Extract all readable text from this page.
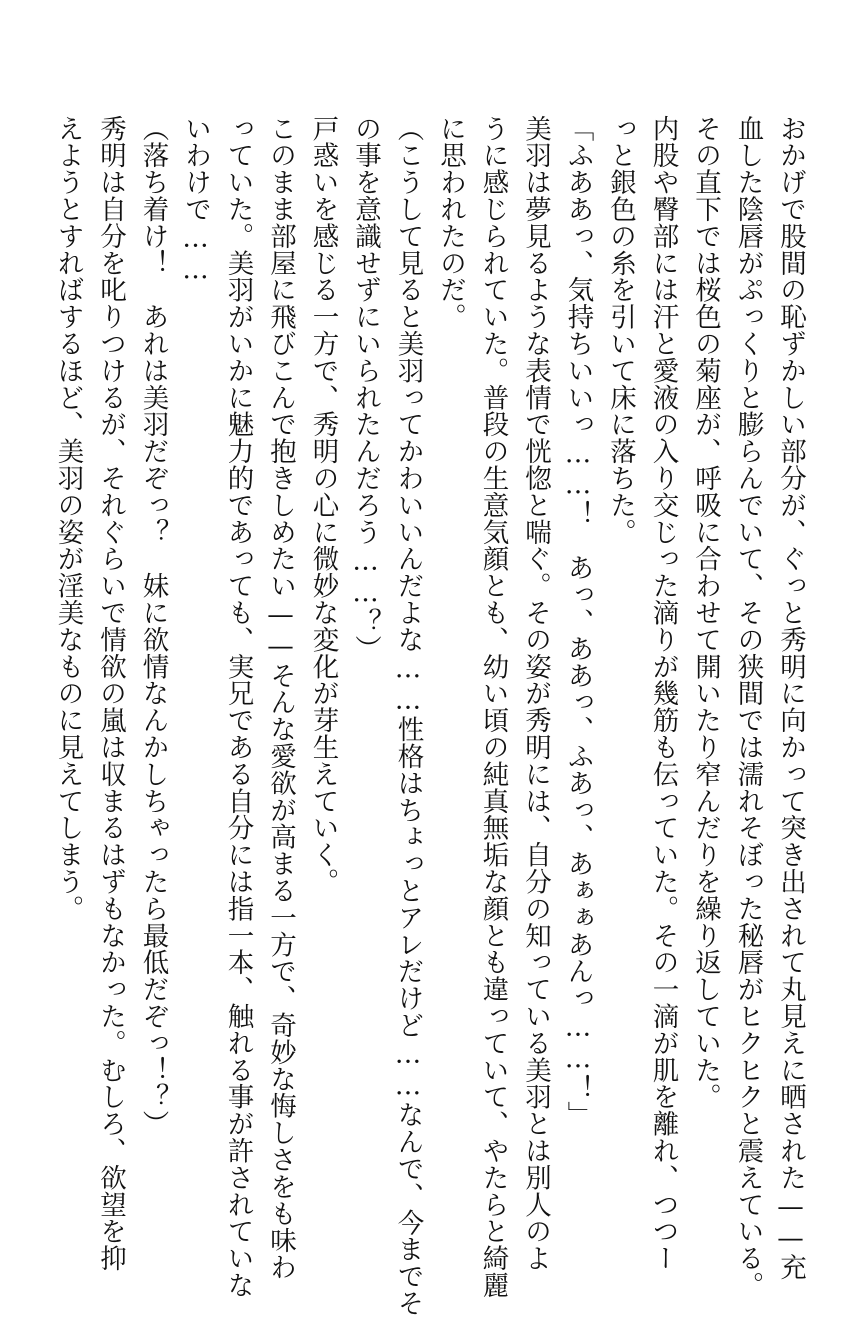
おかげで股間の恥ずかしい部分が、ぐっと秀明に向かって突き出されて丸見えに晒された——充
血した陰唇がぷっくりと膨らんでいて、その狭間では濡れそぼった秘唇がヒクヒクと震えている。
その直下では桜色の菊座が、呼吸に合わせて開いたり窄んだりを繰り返していた。
内股や臀部には汗と愛液の入り交じった滴りが幾筋も伝っていた。その一滴が肌を離れ、つつー
っと銀色の糸を引いて床に落ちた。
「ふああっ、気持ちいいっ……！　あっ、ああっ、ふあっ、あぁぁあんっ……！」
美羽は夢見るような表情で恍惚と喘ぐ。その姿が秀明には、自分の知っている美羽とは別人のよ
うに感じられていた。普段の生意気顔とも、幼い頃の純真無垢な顔とも違っていて、やたらと綺麗
に思われたのだ。
（こうして見ると美羽ってかわいいんだよな……性格はちょっとアレだけど……なんで、今までそ
の事を意識せずにいられたんだろう……？）
戸惑いを感じる一方で、秀明の心に微妙な変化が芽生えていく。
このまま部屋に飛びこんで抱きしめたい——そんな愛欲が高まる一方で、奇妙な悔しさをも味わ
っていた。美羽がいかに魅力的であっても、実兄である自分には指一本、触れる事が許されていな
いわけで……
（落ち着け！　あれは美羽だぞっ？　妹に欲情なんかしちゃったら最低だぞっ！？）
秀明は自分を叱りつけるが、それぐらいで情欲の嵐は収まるはずもなかった。むしろ、欲望を抑
えようとすればするほど、美羽の姿が淫美なものに見えてしまう。
